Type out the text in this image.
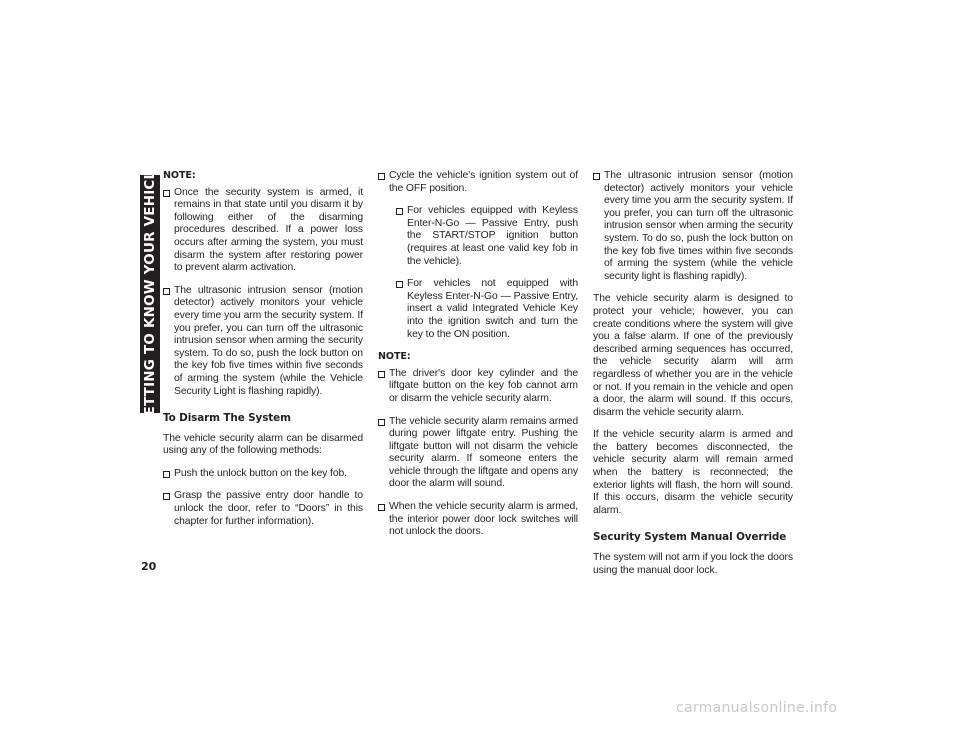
GETTING TO KNOW YOUR VEHICLE
20
NOTE:
Once the security system is armed, it remains in that state until you disarm it by following either of the disarming procedures described. If a power loss occurs after arming the system, you must disarm the system after restoring power to prevent alarm activation.
The ultrasonic intrusion sensor (motion detector) actively monitors your vehicle every time you arm the security system. If you prefer, you can turn off the ultrasonic intrusion sensor when arming the security system. To do so, push the lock button on the key fob five times within five seconds of arming the system (while the Vehicle Security Light is flashing rapidly).
To Disarm The System
The vehicle security alarm can be disarmed using any of the following methods:
Push the unlock button on the key fob.
Grasp the passive entry door handle to unlock the door, refer to “Doors” in this chapter for further information).
Cycle the vehicle’s ignition system out of the OFF position.
For vehicles equipped with Keyless Enter-N-Go — Passive Entry, push the START/STOP ignition button (requires at least one valid key fob in the vehicle).
For vehicles not equipped with Keyless Enter-N-Go — Passive Entry, insert a valid Integrated Vehicle Key into the ignition switch and turn the key to the ON position.
NOTE:
The driver's door key cylinder and the liftgate button on the key fob cannot arm or disarm the vehicle security alarm.
The vehicle security alarm remains armed during power liftgate entry. Pushing the liftgate button will not disarm the vehicle security alarm. If someone enters the vehicle through the liftgate and opens any door the alarm will sound.
When the vehicle security alarm is armed, the interior power door lock switches will not unlock the doors.
The ultrasonic intrusion sensor (motion detector) actively monitors your vehicle every time you arm the security system. If you prefer, you can turn off the ultrasonic intrusion sensor when arming the security system. To do so, push the lock button on the key fob five times within five seconds of arming the system (while the vehicle security light is flashing rapidly).
The vehicle security alarm is designed to protect your vehicle; however, you can create conditions where the system will give you a false alarm. If one of the previously described arming sequences has occurred, the vehicle security alarm will arm regardless of whether you are in the vehicle or not. If you remain in the vehicle and open a door, the alarm will sound. If this occurs, disarm the vehicle security alarm.
If the vehicle security alarm is armed and the battery becomes disconnected, the vehicle security alarm will remain armed when the battery is reconnected; the exterior lights will flash, the horn will sound. If this occurs, disarm the vehicle security alarm.
Security System Manual Override
The system will not arm if you lock the doors using the manual door lock.
carmanualsonline.info
